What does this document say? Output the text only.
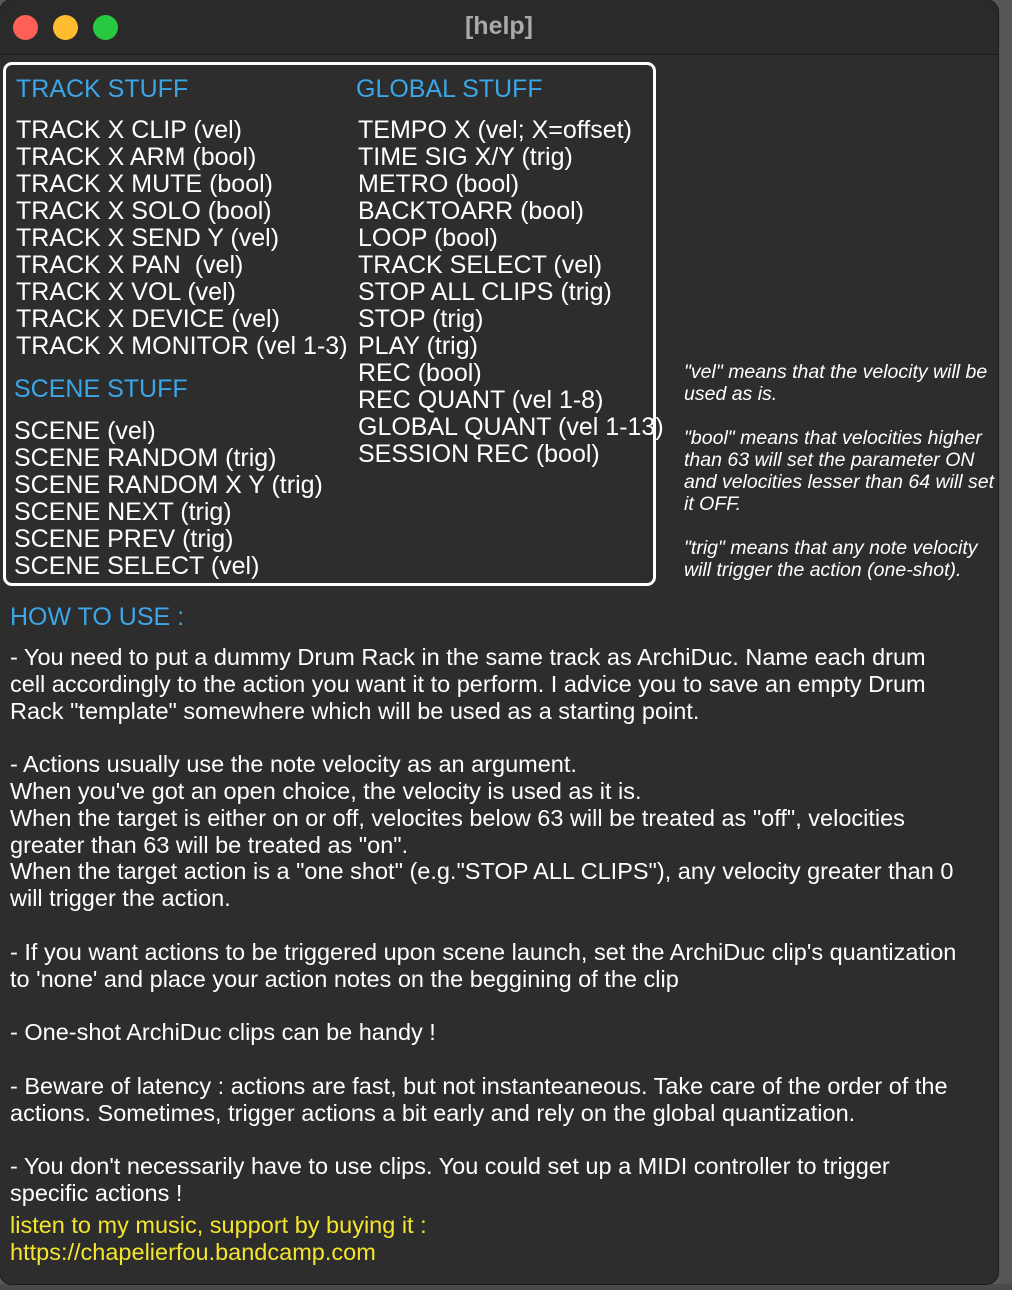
[help]
TRACK STUFF
TRACK X CLIP (vel)
TRACK X ARM (bool)
TRACK X MUTE (bool)
TRACK X SOLO (bool)
TRACK X SEND Y (vel)
TRACK X PAN  (vel)
TRACK X VOL (vel)
TRACK X DEVICE (vel)
TRACK X MONITOR (vel 1-3)
SCENE STUFF
SCENE (vel)
SCENE RANDOM (trig)
SCENE RANDOM X Y (trig)
SCENE NEXT (trig)
SCENE PREV (trig)
SCENE SELECT (vel)
GLOBAL STUFF
TEMPO X (vel; X=offset)
TIME SIG X/Y (trig)
METRO (bool)
BACKTOARR (bool)
LOOP (bool)
TRACK SELECT (vel)
STOP ALL CLIPS (trig)
STOP (trig)
PLAY (trig)
REC (bool)
REC QUANT (vel 1-8)
GLOBAL QUANT (vel 1-13)
SESSION REC (bool)

"vel" means that the velocity will be
used as is.

"bool" means that velocities higher
than 63 will set the parameter ON
and velocities lesser than 64 will set
it OFF.

"trig" means that any note velocity
will trigger the action (one-shot).

HOW TO USE :

- You need to put a dummy Drum Rack in the same track as ArchiDuc. Name each drum
cell accordingly to the action you want it to perform. I advice you to save an empty Drum
Rack "template" somewhere which will be used as a starting point.

- Actions usually use the note velocity as an argument.
When you've got an open choice, the velocity is used as it is.
When the target is either on or off, velocites below 63 will be treated as "off", velocities
greater than 63 will be treated as "on".
When the target action is a "one shot" (e.g."STOP ALL CLIPS"), any velocity greater than 0
will trigger the action.

- If you want actions to be triggered upon scene launch, set the ArchiDuc clip's quantization
to 'none' and place your action notes on the beggining of the clip

- One-shot ArchiDuc clips can be handy !

- Beware of latency : actions are fast, but not instanteaneous. Take care of the order of the
actions. Sometimes, trigger actions a bit early and rely on the global quantization.

- You don't necessarily have to use clips. You could set up a MIDI controller to trigger
specific actions !

listen to my music, support by buying it :
https://chapelierfou.bandcamp.com
